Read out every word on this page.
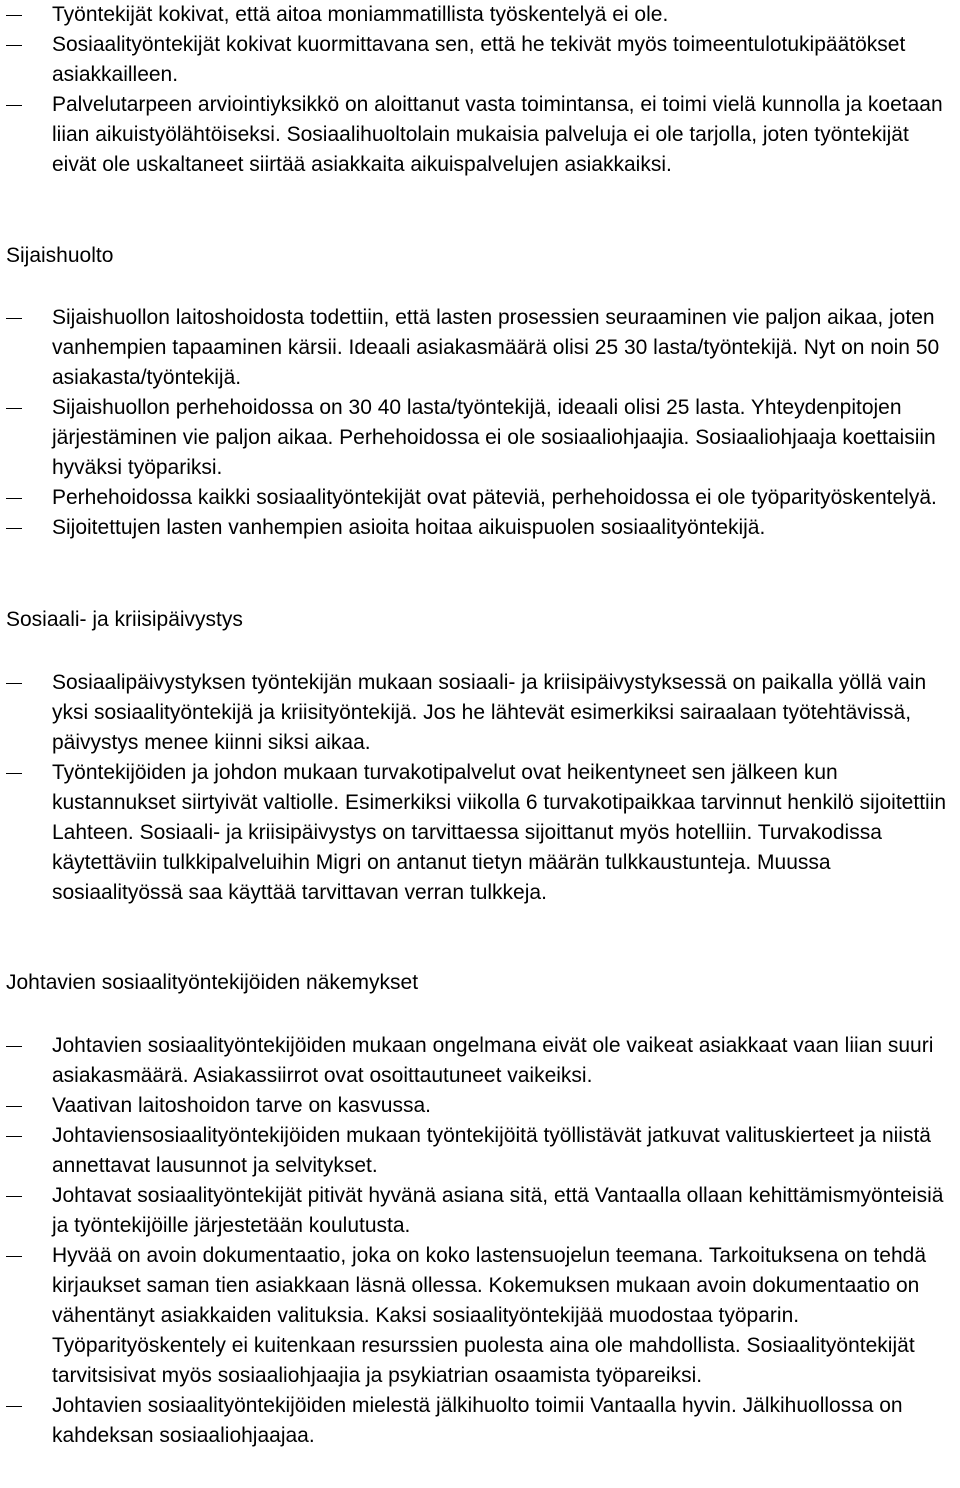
Työntekijät kokivat, että aitoa moniammatillista työskentelyä ei ole.
Sosiaalityöntekijät kokivat kuormittavana sen, että he tekivät myös toimeentulotukipäätökset asiakkailleen.
Palvelutarpeen arviointiyksikkö on aloittanut vasta toimintansa, ei toimi vielä kunnolla ja koetaan liian aikuistyölähtöiseksi. Sosiaalihuoltolain mukaisia palveluja ei ole tarjolla, joten työntekijät eivät ole uskaltaneet siirtää asiakkaita aikuispalvelujen asiakkaiksi.
Sijaishuolto
Sijaishuollon laitoshoidosta todettiin, että lasten prosessien seuraaminen vie paljon aikaa, joten vanhempien tapaaminen kärsii. Ideaali asiakasmäärä olisi 25 30 lasta/työntekijä. Nyt on noin 50 asiakasta/työntekijä.
Sijaishuollon perhehoidossa on 30 40 lasta/työntekijä, ideaali olisi 25 lasta. Yhteydenpitojen järjestäminen vie paljon aikaa. Perhehoidossa ei ole sosiaaliohjaajia. Sosiaaliohjaaja koettaisiin hyväksi työpariksi.
Perhehoidossa kaikki sosiaalityöntekijät ovat päteviä, perhehoidossa ei ole työparityöskentelyä.
Sijoitettujen lasten vanhempien asioita hoitaa aikuispuolen sosiaalityöntekijä.
Sosiaali- ja kriisipäivystys
Sosiaalipäivystyksen työntekijän mukaan sosiaali- ja kriisipäivystyksessä on paikalla yöllä vain yksi sosiaalityöntekijä ja kriisityöntekijä. Jos he lähtevät esimerkiksi sairaalaan työtehtävissä, päivystys menee kiinni siksi aikaa.
Työntekijöiden ja johdon mukaan turvakotipalvelut ovat heikentyneet sen jälkeen kun kustannukset siirtyivät valtiolle. Esimerkiksi viikolla 6 turvakotipaikkaa tarvinnut henkilö sijoitettiin Lahteen. Sosiaali- ja kriisipäivystys on tarvittaessa sijoittanut myös hotelliin. Turvakodissa käytettäviin tulkkipalveluihin Migri on antanut tietyn määrän tulkkaustunteja. Muussa sosiaalityössä saa käyttää tarvittavan verran tulkkeja.
Johtavien sosiaalityöntekijöiden näkemykset
Johtavien sosiaalityöntekijöiden mukaan ongelmana eivät ole vaikeat asiakkaat vaan liian suuri asiakasmäärä. Asiakassiirrot ovat osoittautuneet vaikeiksi.
Vaativan laitoshoidon tarve on kasvussa.
Johtaviensosiaalityöntekijöiden mukaan työntekijöitä työllistävät jatkuvat valituskierteet ja niistä annettavat lausunnot ja selvitykset.
Johtavat sosiaalityöntekijät pitivät hyvänä asiana sitä, että Vantaalla ollaan kehittämismyönteisiä ja työntekijöille järjestetään koulutusta.
Hyvää on avoin dokumentaatio, joka on koko lastensuojelun teemana. Tarkoituksena on tehdä kirjaukset saman tien asiakkaan läsnä ollessa. Kokemuksen mukaan avoin dokumentaatio on vähentänyt asiakkaiden valituksia. Kaksi sosiaalityöntekijää muodostaa työparin. Työparityöskentely ei kuitenkaan resurssien puolesta aina ole mahdollista. Sosiaalityöntekijät tarvitsisivat myös sosiaaliohjaajia ja psykiatrian osaamista työpareiksi.
Johtavien sosiaalityöntekijöiden mielestä jälkihuolto toimii Vantaalla hyvin. Jälkihuollossa on kahdeksan sosiaaliohjaajaa.
